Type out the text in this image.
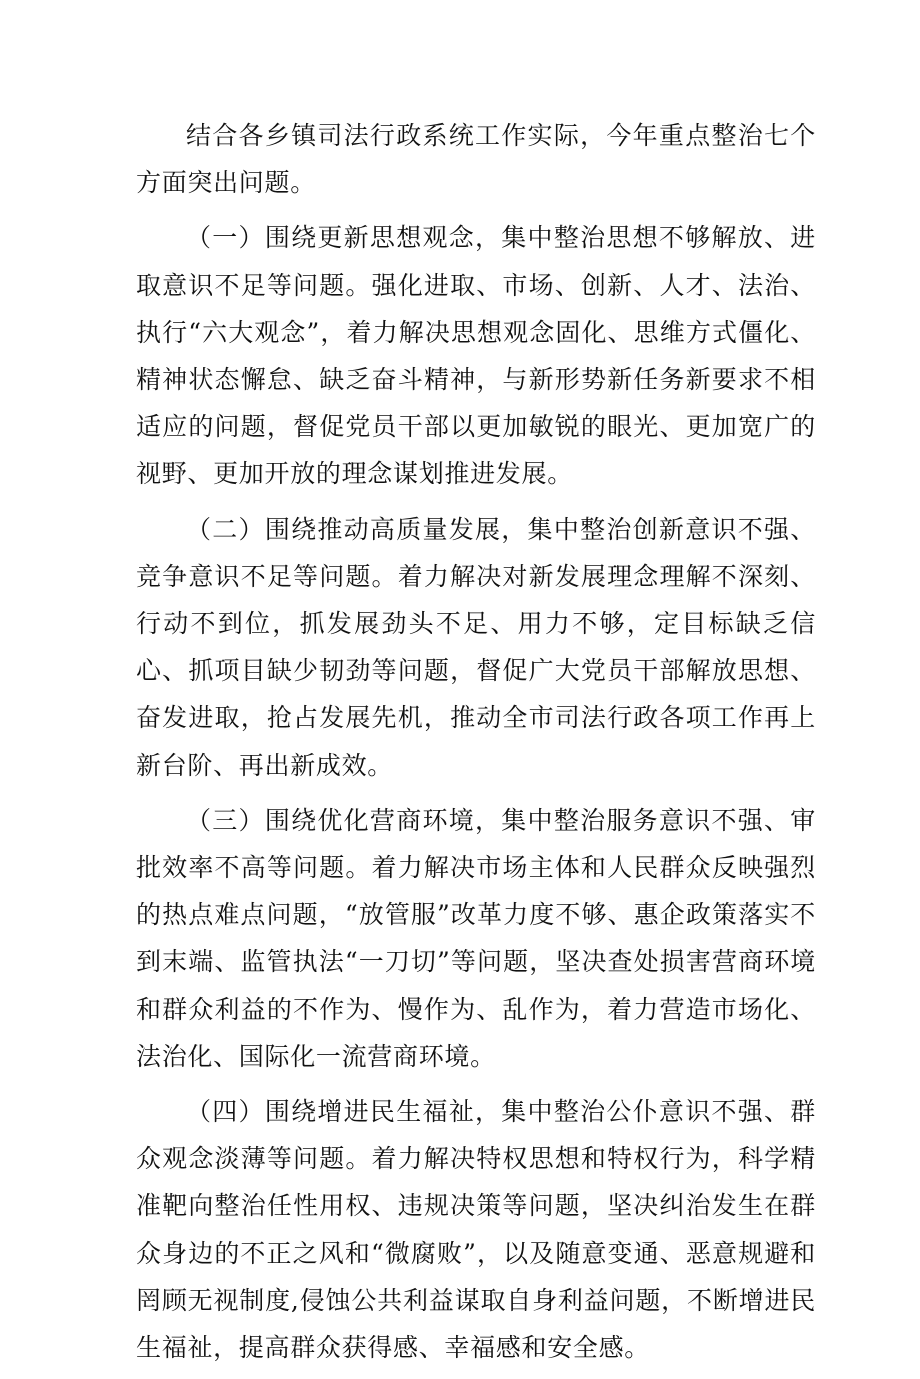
结合各乡镇司法行政系统工作实际，今年重点整治七个方面突出问题。

（一）围绕更新思想观念，集中整治思想不够解放、进取意识不足等问题。强化进取、市场、创新、人才、法治、执行“六大观念”，着力解决思想观念固化、思维方式僵化、精神状态懈怠、缺乏奋斗精神，与新形势新任务新要求不相适应的问题，督促党员干部以更加敏锐的眼光、更加宽广的视野、更加开放的理念谋划推进发展。

（二）围绕推动高质量发展，集中整治创新意识不强、竞争意识不足等问题。着力解决对新发展理念理解不深刻、行动不到位，抓发展劲头不足、用力不够，定目标缺乏信心、抓项目缺少韧劲等问题，督促广大党员干部解放思想、奋发进取，抢占发展先机，推动全市司法行政各项工作再上新台阶、再出新成效。

（三）围绕优化营商环境，集中整治服务意识不强、审批效率不高等问题。着力解决市场主体和人民群众反映强烈的热点难点问题，“放管服”改革力度不够、惠企政策落实不到末端、监管执法“一刀切”等问题，坚决查处损害营商环境和群众利益的不作为、慢作为、乱作为，着力营造市场化、法治化、国际化一流营商环境。

（四）围绕增进民生福祉，集中整治公仆意识不强、群众观念淡薄等问题。着力解决特权思想和特权行为，科学精准靶向整治任性用权、违规决策等问题，坚决纠治发生在群众身边的不正之风和“微腐败”，以及随意变通、恶意规避和罔顾无视制度,侵蚀公共利益谋取自身利益问题，不断增进民生福祉，提高群众获得感、幸福感和安全感。
